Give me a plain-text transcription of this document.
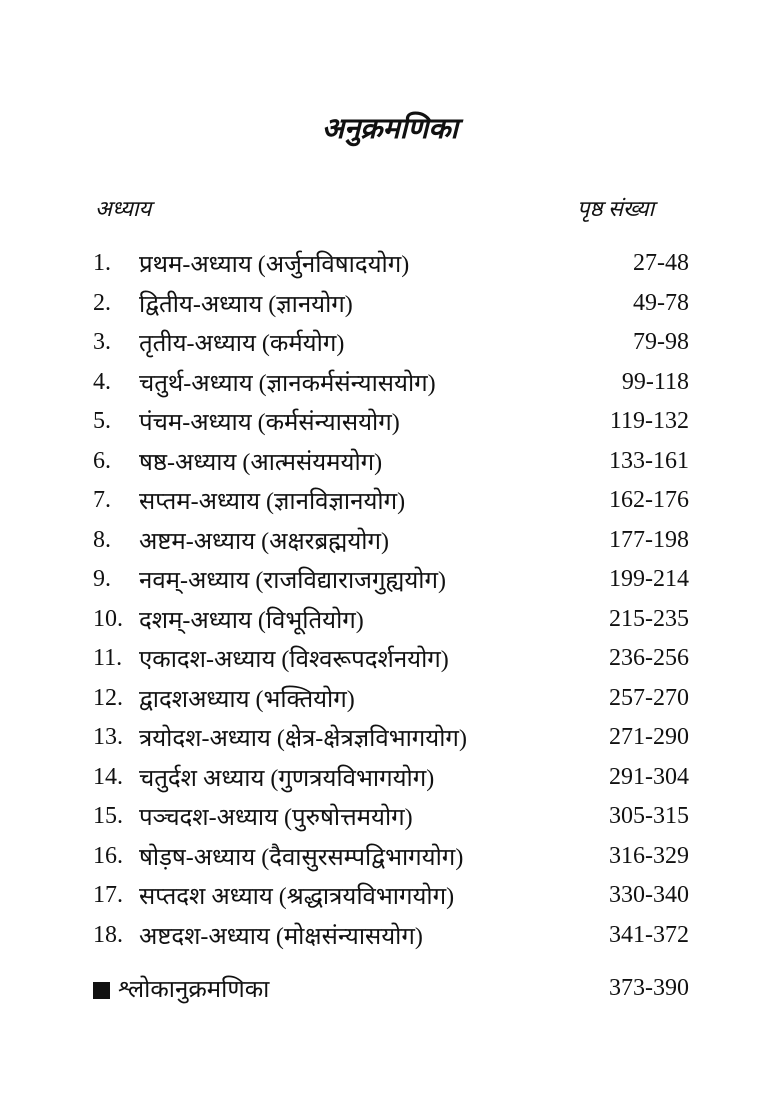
अनुक्रमणिका
अध्याय	पृष्ठ संख्या
1.	प्रथम-अध्याय (अर्जुनविषादयोग)	27-48
2.	द्वितीय-अध्याय (ज्ञानयोग)	49-78
3.	तृतीय-अध्याय (कर्मयोग)	79-98
4.	चतुर्थ-अध्याय (ज्ञानकर्मसंन्यासयोग)	99-118
5.	पंचम-अध्याय (कर्मसंन्यासयोग)	119-132
6.	षष्ठ-अध्याय (आत्मसंयमयोग)	133-161
7.	सप्तम-अध्याय (ज्ञानविज्ञानयोग)	162-176
8.	अष्टम-अध्याय (अक्षरब्रह्मयोग)	177-198
9.	नवम्-अध्याय (राजविद्याराजगुह्ययोग)	199-214
10. दशम्-अध्याय (विभूतियोग)	215-235
11. एकादश-अध्याय (विश्वरूपदर्शनयोग)	236-256
12. द्वादशअध्याय (भक्तियोग)	257-270
13. त्रयोदश-अध्याय (क्षेत्र-क्षेत्रज्ञविभागयोग)	271-290
14. चतुर्दश अध्याय (गुणत्रयविभागयोग)	291-304
15. पञ्चदश-अध्याय (पुरुषोत्तमयोग)	305-315
16. षोड़ष-अध्याय (दैवासुरसम्पद्विभागयोग)	316-329
17. सप्तदश अध्याय (श्रद्धात्रयविभागयोग)	330-340
18. अष्टदश-अध्याय (मोक्षसंन्यासयोग)	341-372
श्लोकानुक्रमणिका	373-390
